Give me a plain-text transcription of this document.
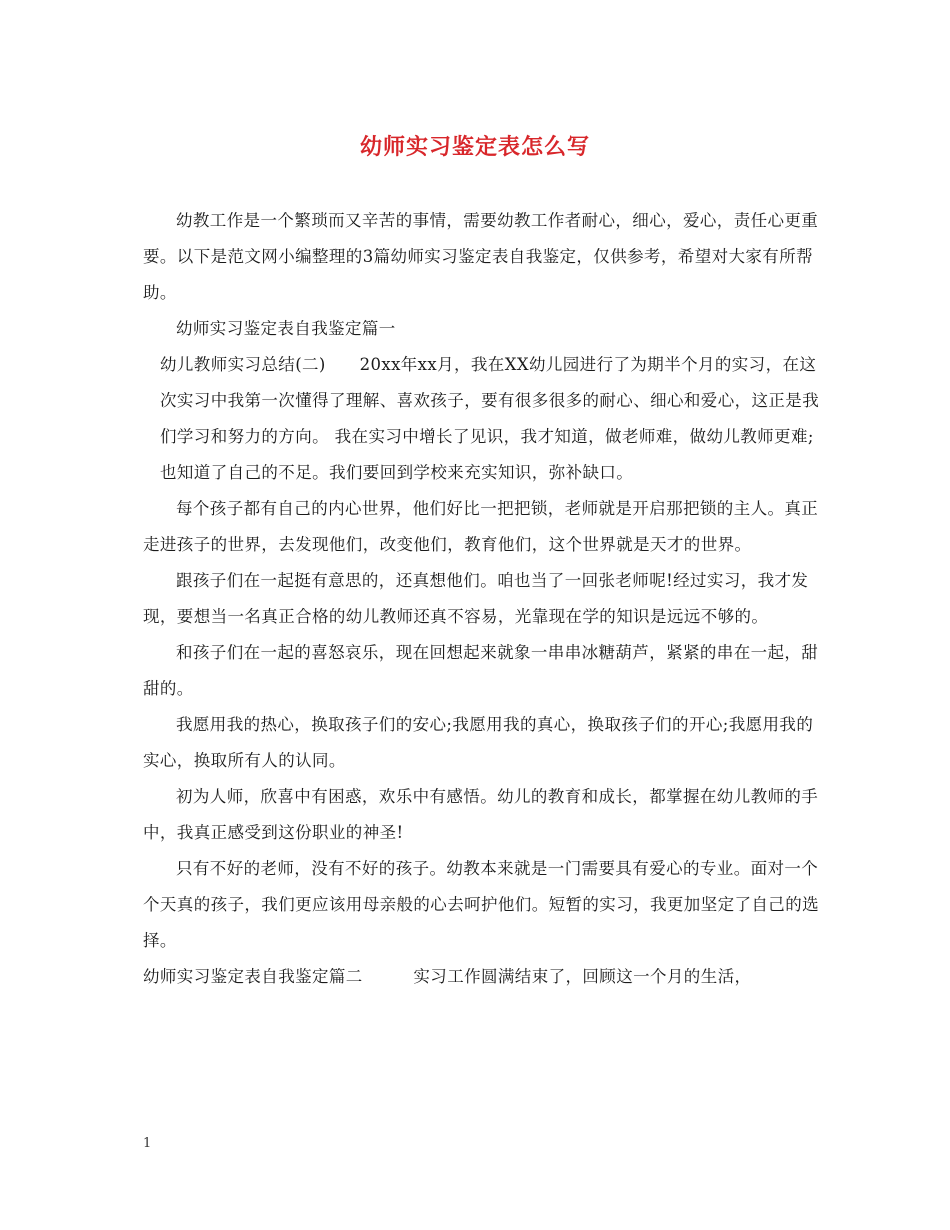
幼师实习鉴定表怎么写

幼教工作是一个繁琐而又辛苦的事情，需要幼教工作者耐心，细心，爱心，责任心更重要。以下是范文网小编整理的3篇幼师实习鉴定表自我鉴定，仅供参考，希望对大家有所帮助。

幼师实习鉴定表自我鉴定篇一

幼儿教师实习总结(二)　　20xx年xx月，我在XX幼儿园进行了为期半个月的实习，在这次实习中我第一次懂得了理解、喜欢孩子，要有很多很多的耐心、细心和爱心，这正是我们学习和努力的方向。 我在实习中增长了见识，我才知道，做老师难，做幼儿教师更难;也知道了自己的不足。我们要回到学校来充实知识，弥补缺口。

每个孩子都有自己的内心世界，他们好比一把把锁，老师就是开启那把锁的主人。真正走进孩子的世界，去发现他们，改变他们，教育他们，这个世界就是天才的世界。

跟孩子们在一起挺有意思的，还真想他们。咱也当了一回张老师呢!经过实习，我才发现，要想当一名真正合格的幼儿教师还真不容易，光靠现在学的知识是远远不够的。

和孩子们在一起的喜怒哀乐，现在回想起来就象一串串冰糖葫芦，紧紧的串在一起，甜甜的。

我愿用我的热心，换取孩子们的安心;我愿用我的真心，换取孩子们的开心;我愿用我的实心，换取所有人的认同。

初为人师，欣喜中有困惑，欢乐中有感悟。幼儿的教育和成长，都掌握在幼儿教师的手中，我真正感受到这份职业的神圣!

只有不好的老师，没有不好的孩子。幼教本来就是一门需要具有爱心的专业。面对一个个天真的孩子，我们更应该用母亲般的心去呵护他们。短暂的实习，我更加坚定了自己的选择。

幼师实习鉴定表自我鉴定篇二　　　实习工作圆满结束了，回顾这一个月的生活，

1
